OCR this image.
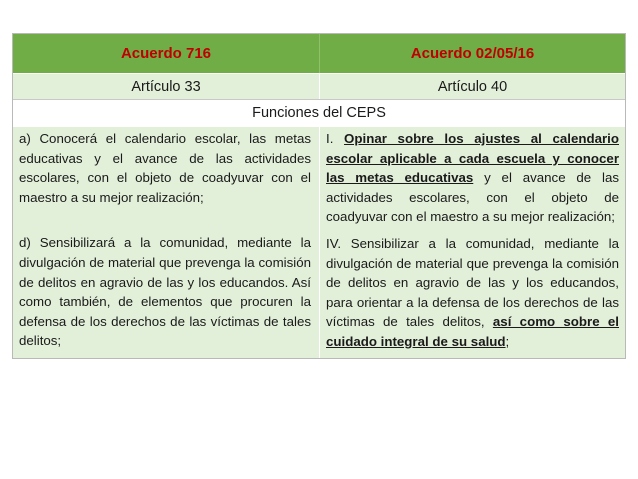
Acuerdo 716	Acuerdo 02/05/16
Artículo 33	Artículo 40
Funciones del CEPS

a) Conocerá el calendario escolar, las metas educativas y el avance de las actividades escolares, con el objeto de coadyuvar con el maestro a su mejor realización;

d) Sensibilizará a la comunidad, mediante la divulgación de material que prevenga la comisión de delitos en agravio de las y los educandos. Así como también, de elementos que procuren la defensa de los derechos de las víctimas de tales delitos;

I. Opinar sobre los ajustes al calendario escolar aplicable a cada escuela y conocer las metas educativas y el avance de las actividades escolares, con el objeto de coadyuvar con el maestro a su mejor realización;

IV. Sensibilizar a la comunidad, mediante la divulgación de material que prevenga la comisión de delitos en agravio de las y los educandos, para orientar a la defensa de los derechos de las víctimas de tales delitos, así como sobre el cuidado integral de su salud;
